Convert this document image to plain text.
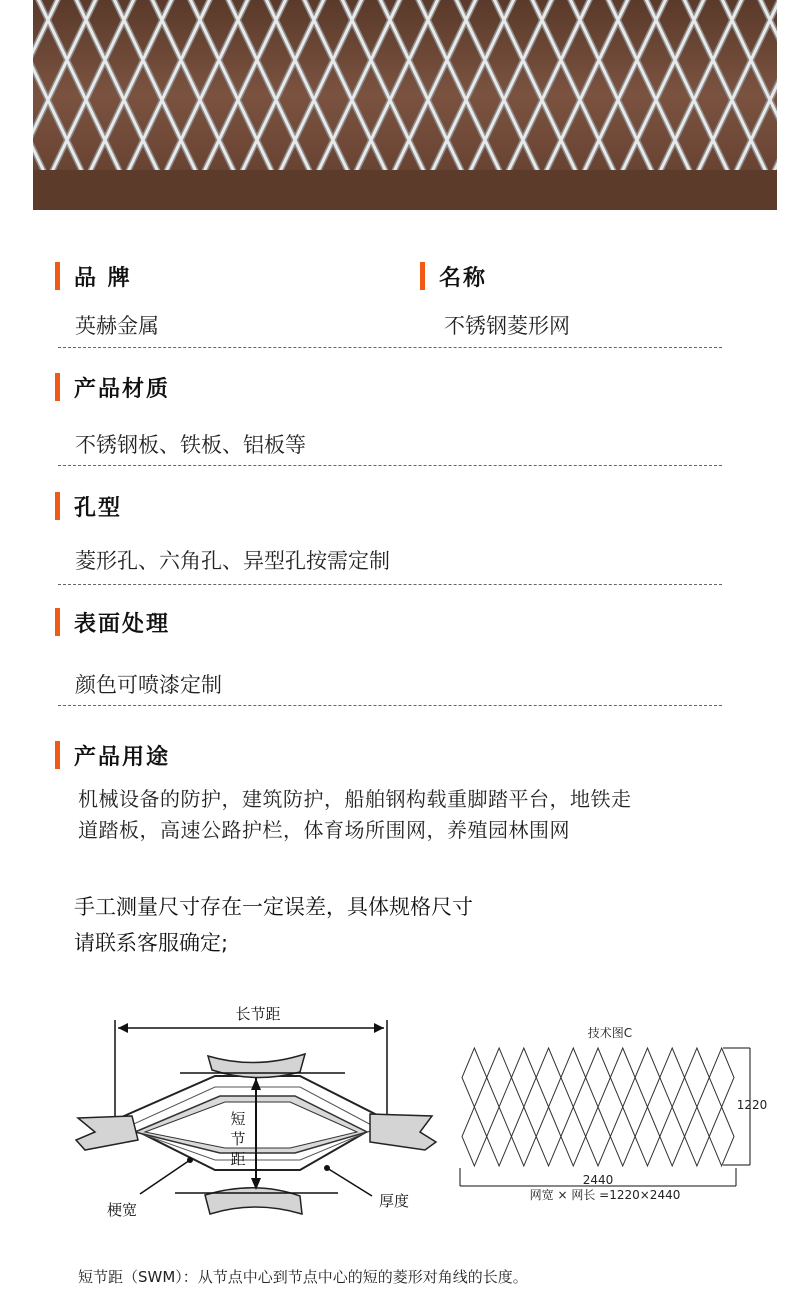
品 牌	名称
英赫金属	不锈钢菱形网
产品材质
不锈钢板、铁板、铝板等
孔型
菱形孔、六角孔、异型孔按需定制
表面处理
颜色可喷漆定制
产品用途
机械设备的防护，建筑防护，船舶钢构载重脚踏平台，地铁走
道踏板，高速公路护栏，体育场所围网，养殖园林围网
手工测量尺寸存在一定误差，具体规格尺寸
请联系客服确定;
长节距
短
节
距
梗宽	厚度
技术图C
1220
2440
网宽 × 网长 =1220×2440
短节距（SWM）：从节点中心到节点中心的短的菱形对角线的长度。
